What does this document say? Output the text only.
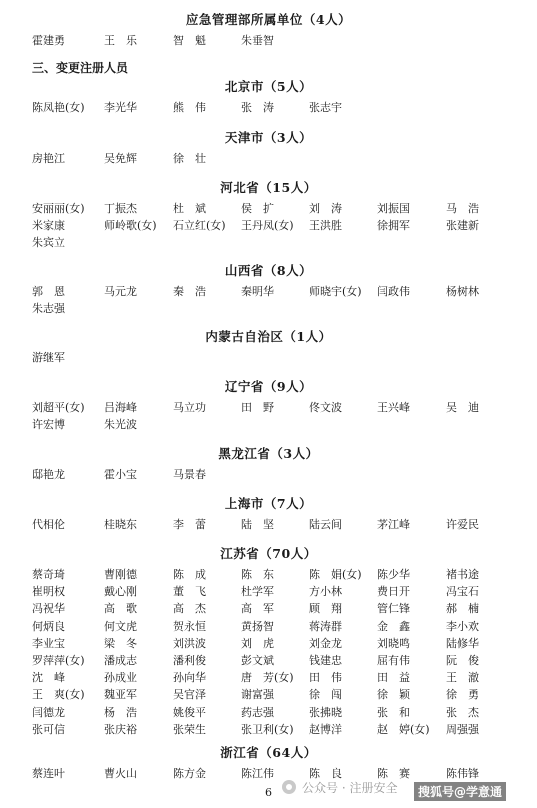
应急管理部所属单位（4人）
霍建勇	王　乐	智　魁	朱垂智
三、变更注册人员
北京市（5人）
陈凤艳(女) 李光华	熊　伟	张　涛	张志宇
天津市（3人）
房艳江	吴免辉	徐　壮
河北省（15人）
安丽丽(女) 丁振杰	杜　斌	侯　扩	刘　涛	刘振国	马　浩
米家康	师岭歌(女) 石立红(女) 王丹凤(女) 王洪胜	徐拥军	张建新
朱宾立
山西省（8人）
郭　恩	马元龙	秦　浩	秦明华	师晓宇(女) 闫政伟	杨树林
朱志强
内蒙古自治区（1人）
游继军
辽宁省（9人）
刘超平(女) 吕海峰	马立功	田　野	佟文波	王兴峰	吴　迪
许宏博	朱光波
黑龙江省（3人）
邸艳龙	霍小宝	马景春
上海市（7人）
代相伦	桂晓东	李　蕾	陆　坚	陆云间	茅江峰	许爱民
江苏省（70人）
蔡奇琦	曹刚德	陈　成	陈　东	陈　娟(女) 陈少华	褚书途
崔明权	戴心刚	董　飞	杜学军	方小林	费日开	冯宝石
冯祝华	高　歌	高　杰	高　军	顾　翔	管仁锋	郝　楠
何炳良	何文虎	贺永恒	黄扬智	蒋涛群	金　鑫	李小欢
李业宝	梁　冬	刘洪波	刘　虎	刘金龙	刘晓鸣	陆修华
罗萍萍(女) 潘成志	潘利俊	彭文斌	钱建忠	屈有伟	阮　俊
沈　峰	孙成业	孙向华	唐　芳(女) 田　伟	田　益	王　澈
王　爽(女) 魏亚军	吴官泽	谢富强	徐　闯	徐　颖	徐　勇
闫德龙	杨　浩	姚俊平	药志强	张拂晓	张　和	张　杰
张可信	张庆裕	张荣生	张卫利(女) 赵博洋	赵　婷(女) 周强强
浙江省（64人）
蔡连叶	曹火山	陈方金	陈江伟	陈　良	陈　赛	陈伟锋
6	公众号 · 注册安全	搜狐号@学意通
